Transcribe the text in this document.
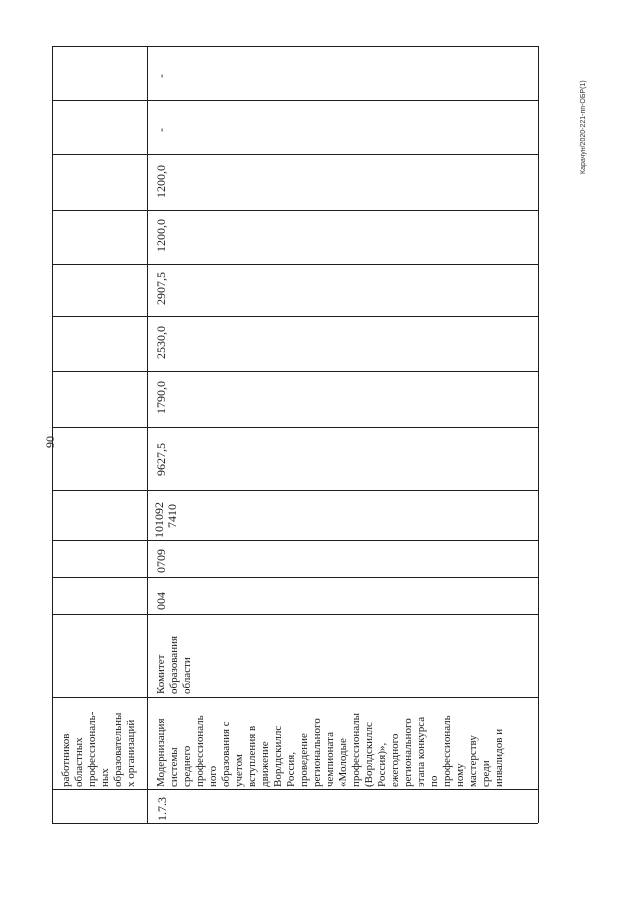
90
Карачун/2020-221-пп-ОБР(1)
работников областных профессиональ- ных образовательны х организаций
1.7.3
Модернизация системы среднего профессиональ ного образования с учетом вступления в движение Ворлдскиллс Россия, проведение регионального чемпионата «Молодые профессионалы (Ворлдскиллс Россия)», ежегодного регионального этапа конкурса по профессиональ ному мастерству среди инвалидов и
Комитет образования области
004
0709
101092 7410
9627,5
1790,0
2530,0
2907,5
1200,0
1200,0
-
-
